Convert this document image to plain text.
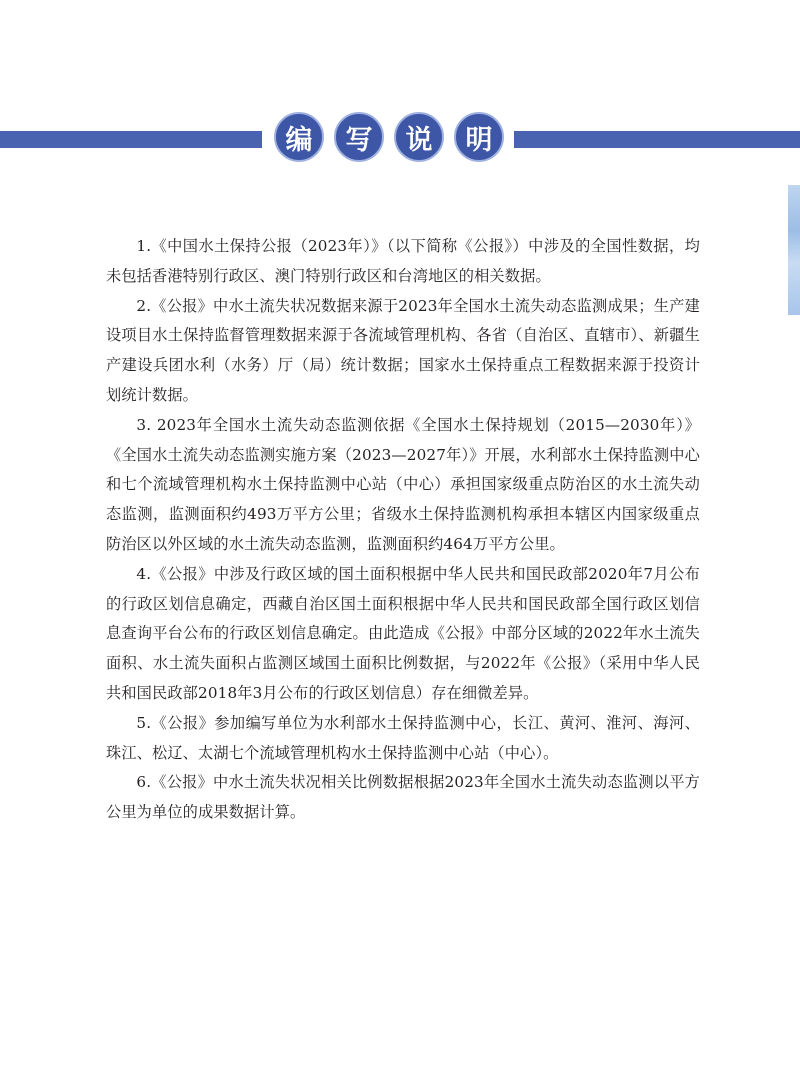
编	写	说	明

1.《中国水土保持公报（2023年）》（以下简称《公报》）中涉及的全国性数据，均未包括香港特别行政区、澳门特别行政区和台湾地区的相关数据。

2.《公报》中水土流失状况数据来源于2023年全国水土流失动态监测成果；生产建设项目水土保持监督管理数据来源于各流域管理机构、各省（自治区、直辖市）、新疆生产建设兵团水利（水务）厅（局）统计数据；国家水土保持重点工程数据来源于投资计划统计数据。

3. 2023年全国水土流失动态监测依据《全国水土保持规划（2015—2030年）》《全国水土流失动态监测实施方案（2023—2027年）》开展，水利部水土保持监测中心和七个流域管理机构水土保持监测中心站（中心）承担国家级重点防治区的水土流失动态监测，监测面积约493万平方公里；省级水土保持监测机构承担本辖区内国家级重点防治区以外区域的水土流失动态监测，监测面积约464万平方公里。

4.《公报》中涉及行政区域的国土面积根据中华人民共和国民政部2020年7月公布的行政区划信息确定，西藏自治区国土面积根据中华人民共和国民政部全国行政区划信息查询平台公布的行政区划信息确定。由此造成《公报》中部分区域的2022年水土流失面积、水土流失面积占监测区域国土面积比例数据，与2022年《公报》（采用中华人民共和国民政部2018年3月公布的行政区划信息）存在细微差异。

5.《公报》参加编写单位为水利部水土保持监测中心，长江、黄河、淮河、海河、珠江、松辽、太湖七个流域管理机构水土保持监测中心站（中心）。

6.《公报》中水土流失状况相关比例数据根据2023年全国水土流失动态监测以平方公里为单位的成果数据计算。
